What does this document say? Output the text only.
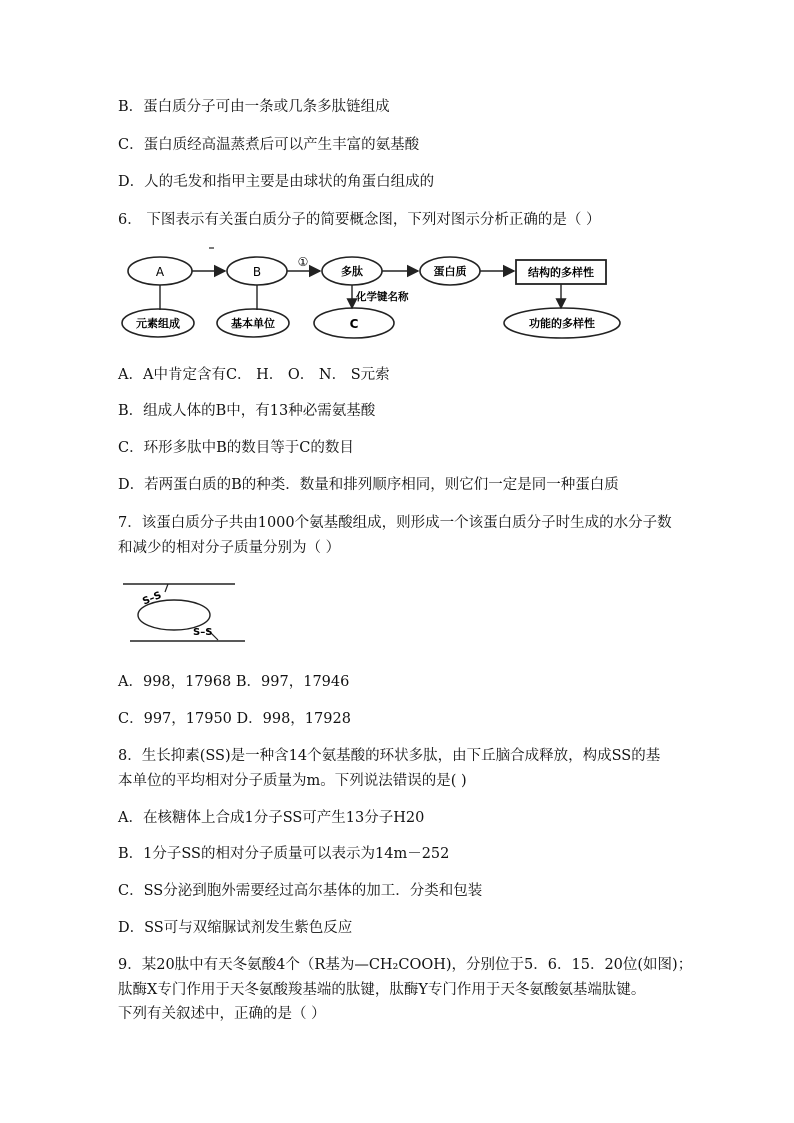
B．蛋白质分子可由一条或几条多肽链组成
C．蛋白质经高温蒸煮后可以产生丰富的氨基酸
D．人的毛发和指甲主要是由球状的角蛋白组成的
6． 下图表示有关蛋白质分子的简要概念图，下列对图示分析正确的是（ ）
A	B	多肽	蛋白质	结构的多样性
①
化学键名称
元素组成	基本单位	C	功能的多样性
A．A中肯定含有C． H． O． N． S元索
B．组成人体的B中，有13种必需氨基酸
C．环形多肽中B的数目等于C的数目
D．若两蛋白质的B的种类．数量和排列顺序相同，则它们一定是同一种蛋白质
7．该蛋白质分子共由1000个氨基酸组成，则形成一个该蛋白质分子时生成的水分子数
和减少的相对分子质量分别为（ ）
S–S
S–S
A．998，17968 B．997，17946
C．997，17950 D．998，17928
8．生长抑素(SS)是一种含14个氨基酸的环状多肽，由下丘脑合成释放，构成SS的基
本单位的平均相对分子质量为m。下列说法错误的是( )
A．在核糖体上合成1分子SS可产生13分子H20
B．1分子SS的相对分子质量可以表示为14m－252
C．SS分泌到胞外需要经过高尔基体的加工．分类和包装
D．SS可与双缩脲试剂发生紫色反应
9．某20肽中有天冬氨酸4个（R基为—CH₂COOH)，分别位于5．6．15．20位(如图)；
肽酶X专门作用于天冬氨酸羧基端的肽键，肽酶Y专门作用于天冬氨酸氨基端肽键。
下列有关叙述中，正确的是（ ）
